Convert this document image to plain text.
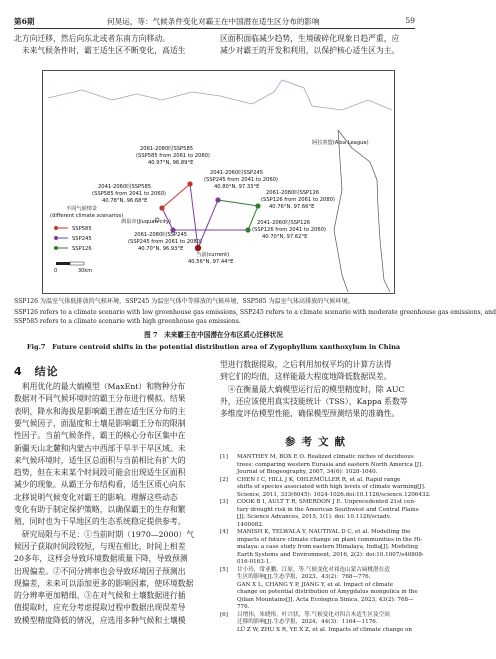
第6期	何昊运，等：气候条件变化对霸王在中国潜在适生区分布的影响	59

北方向迁移，然后向东北或者东南方向移动。

　未来气候条件时，霸王适生区不断变化，高适生

区面积面临减少趋势，生境破碎化现象日趋严重，应

减少对霸王的开发和利用，以保护核心适生区为主。

阿拉善盟(Alxa League)
酒泉市(Jiuquan city)
当前(current)
40.56°N, 97.44°E
2061-2080时SSP585
(SSP585 from 2061 to 2080)
40.97°N, 96.89°E
2041-2060时SSP245
(SSP245 from 2041 to 2060)
40.80°N, 97.33°E
2061-2080时SSP126
(SSP126 from 2061 to 2080)
40.76°N, 97.66°E
2041-2060时SSP585
(SSP585 from 2041 to 2060)
40.78°N, 96.68°E
2061-2080时SSP245
(SSP245 from 2061 to 2080)
40.70°N, 96.93°E
2041-2060时SSP126
(SSP126 from 2041 to 2060)
40.70°N, 97.62°E
不同气候情景
(different climate scenarios)
SSP585
SSP245
SSP126
0	30km
SSP126 为温室气体低排放的气候环境，SSP245 为温室气体中等排放的气候环境，SSP585 为温室气体高排放的气候环境。
SSP126 refers to a climate scenario with low greenhouse gas emissions, SSP245 refers to a climate scenario with moderate greenhouse gas emissions, and
SSP585 refers to a climate scenario with high greenhouse gas emissions.
图 7　未来霸王在中国潜在分布区质心迁移状况
Fig.7　Future centroid shifts in the potential distribution area of Zygophyllum xanthoxylum in China
4　结论
参考文献
[1] MANTHEY M, BOX E O. Realized climatic niches of deciduous
trees: comparing western Eurasia and eastern North America [J].
Journal of Biogeography, 2007, 34(6): 1028-1040.
[2] CHEN I C, HILL J K, OHLEMÜLLER R, et al. Rapid range
shifts of species associated with high levels of climate warming[J].
Science, 2011, 333(6045): 1024-1026.doi:10.1126/science.1206432.
[3] COOK B I, AULT T R, SMERDON J E. Unprecedented 21st cen-
tury drought risk in the American Southwest and Central Plains
[J]. Science Advances, 2015, 1(1). doi: 10.1126/sciadv.
1400082.
[4] MANISH K, TELWALA Y, NAUTIYAL D C, et al. Modelling the
impacts of future climate change on plant communities in the Hi-
malaya: a case study from eastern Himalaya, India[J]. Modeling
Earth Systems and Environment, 2016, 2(2): doi:10.1007/s40808-
016-0163-1.
[5] 甘小玲，常亚鹏，江原，等.气候变化对祁连山蒙古扁桃潜在适
生区的影响[J].生态学报，2023，43(2)：768—776.
GAN X L, CHANG Y P, JIANG Y, et al. Impact of climate
change on potential distribution of Amygdalus mongolica in the
Qilian Mountains[J]. Acta Ecologica Sinica, 2023, 43(2): 768—
776.
[6] 吕增伟，朱晓彤，叶兴状，等.气候变化对四合木适生区及空间
迁移的影响[J].生态学报，2024，44(3)：1164—1176.
LÜ Z W, ZHU X R, YE X Z, et al. Impacts of climate change on

　利用优化的最大熵模型（MaxEnt）和物种分布

数据对不同气候环境时的霸王分布进行模拟。结果

表明，降水和海拔是影响霸王潜在适生区分布的主

要气候因子，面温度和土壤是影响霸王分布的限制

性因子。当前气候条件，霸王的核心分布区集中在

新疆天山北麓和内蒙古中西部干旱半干旱区域。未

来气候环境时，适生区总面积与当前相比有扩大的

趋势，但在未来某个时间段可能会出现适生区面积

减少的现象。从霸王分布结构看，适生区质心向东

北移说明气候变化对霸王的影响。理解这些动态

变化有助于制定保护策略，以确保霸王的生存和繁

殖，同时也为干旱地区的生态系统稳定提供参考。

　研究局限与不足：①当前时期（1970—2000）气

候因子获取时间段较短，与现在相比，时间上相差

20多年，这样会导致环境数据质量下降，导致预测

出现偏差。②不同分辨率也会导致环境因子预测出

现偏差，未来可以添加更多的影响因素，使环境数据

的分辨率更加精细。③在对气候和土壤数据进行插

值提取时，应充分考虑提取过程中数据出现误差导

致模型精度降低的情况，应选用多种气候和土壤模

型进行数据提取，之后利用加权平均的计算方法得

到它们的均值，这样能最大程度地降低数据误差。

　④在衡量最大熵模型运行后的模型精度时，除 AUC

外，还应该使用真实技能统计（TSS），Kappa 系数等

多维度评估模型性能，确保模型预测结果的准确性。
